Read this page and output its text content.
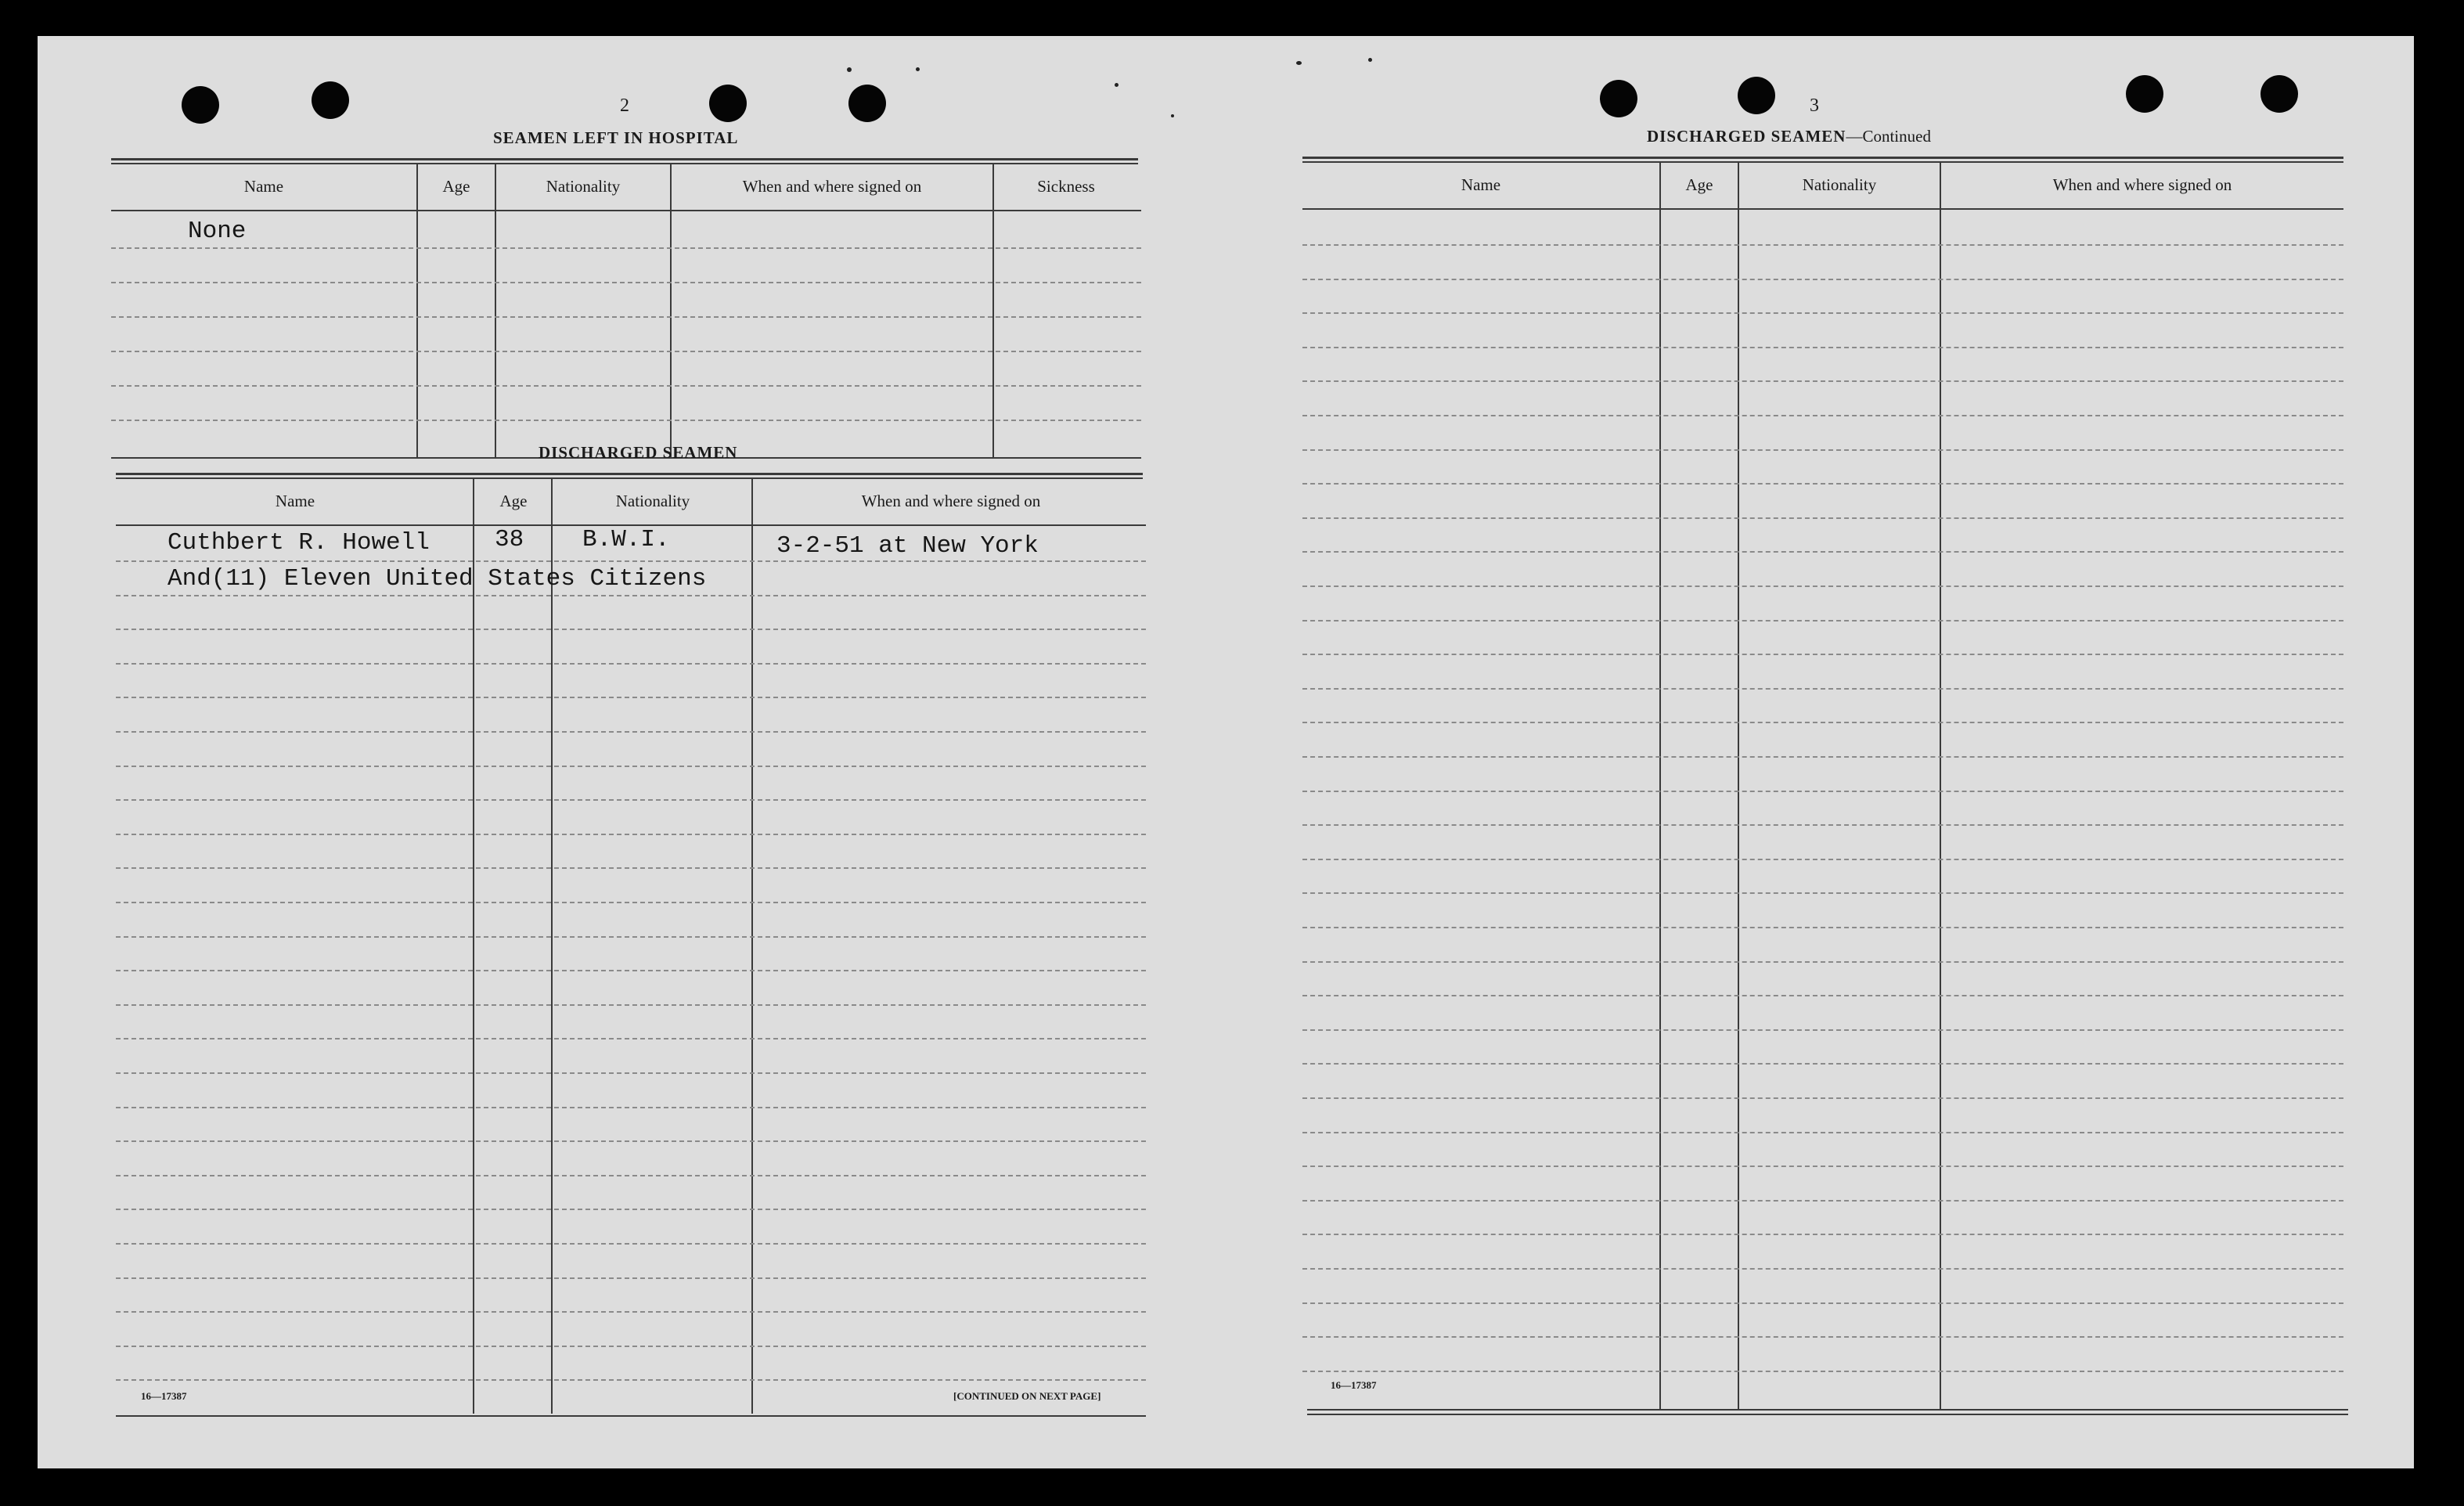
2
SEAMEN LEFT IN HOSPITAL
Name	Age	Nationality	When and where signed on	Sickness
None
DISCHARGED SEAMEN
Name	Age	Nationality	When and where signed on
Cuthbert R. Howell	38 B.W.I.	3-2-51 at New York
And(11) Eleven United States Citizens
16—17387	[CONTINUED ON NEXT PAGE]
3
DISCHARGED SEAMEN—Continued
Name	Age	Nationality	When and where signed on
16—17387
